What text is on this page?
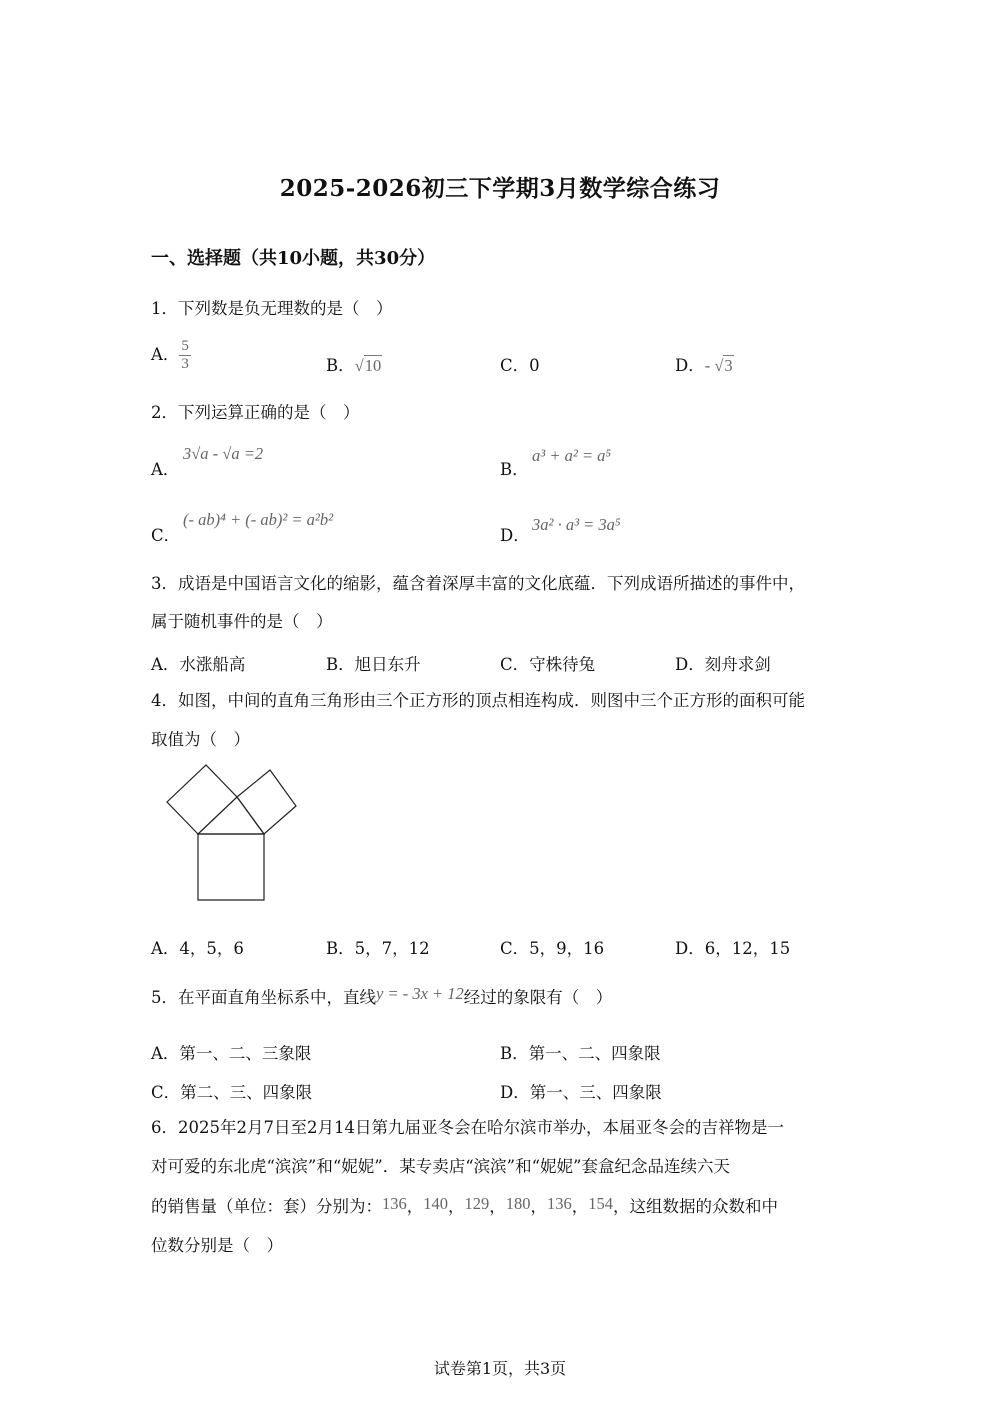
2025-2026初三下学期3月数学综合练习
一、选择题（共10小题，共30分）
1．下列数是负无理数的是（　）
A． $\frac{5}{3}$	B．√10	C．0	D．- √3
2．下列运算正确的是（　）
A．
3√a - √a =2
B．
a³ + a² = a⁵
C．
(- ab)⁴ + (- ab)² = a²b²
D．
3a² · a³ = 3a⁵
3．成语是中国语言文化的缩影，蕴含着深厚丰富的文化底蕴．下列成语所描述的事件中，
属于随机事件的是（　）
A．水涨船高	B．旭日东升	C．守株待兔	D．刻舟求剑
4．如图，中间的直角三角形由三个正方形的顶点相连构成．则图中三个正方形的面积可能
取值为（　）
A．4，5，6	B．5，7，12	C．5，9，16	D．6，12，15
5．在平面直角坐标系中，直线y = - 3x + 12经过的象限有（　）
A．第一、二、三象限	B．第一、二、四象限
C．第二、三、四象限	D．第一、三、四象限
6．2025年2月7日至2月14日第九届亚冬会在哈尔滨市举办，本届亚冬会的吉祥物是一
对可爱的东北虎“滨滨”和“妮妮”．某专卖店“滨滨”和“妮妮”套盒纪念品连续六天
的销售量（单位：套）分别为：136，140，129，180，136，154，这组数据的众数和中
位数分别是（　）
试卷第1页，共3页
